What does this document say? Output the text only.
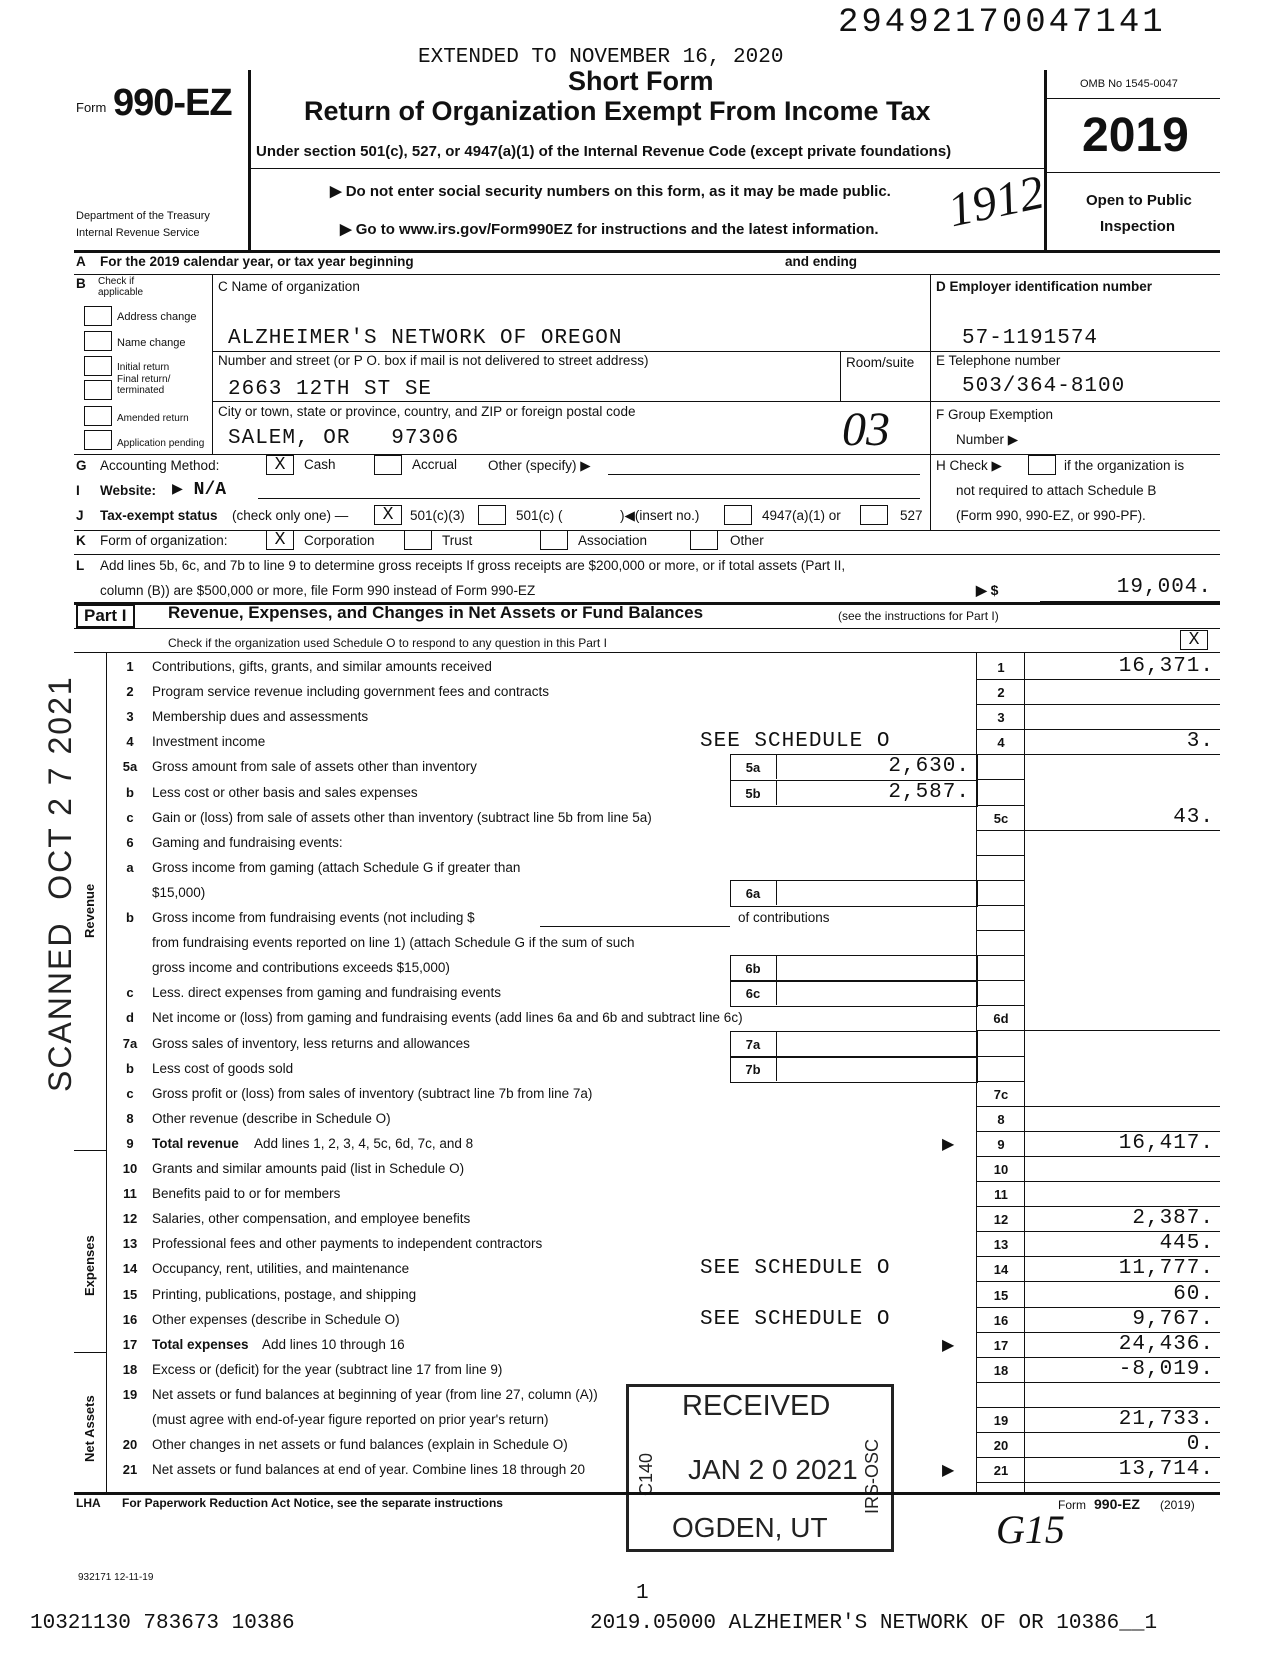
29492170047141
EXTENDED TO NOVEMBER 16, 2020
Form 990-EZ
Department of the Treasury
Internal Revenue Service
Short Form
Return of Organization Exempt From Income Tax
Under section 501(c), 527, or 4947(a)(1) of the Internal Revenue Code (except private foundations)
▶ Do not enter social security numbers on this form, as it may be made public.
▶ Go to www.irs.gov/Form990EZ for instructions and the latest information. 1912
OMB No 1545-0047
2019
Open to Public
Inspection
A For the 2019 calendar year, or tax year beginning	and ending
B Check if applicable
Address change
Name change
Initial return
Final return/ terminated
Amended return
Application pending
C Name of organization
ALZHEIMER'S NETWORK OF OREGON
Number and street (or P O. box if mail is not delivered to street address)	Room/suite
2663 12TH ST SE
City or town, state or province, country, and ZIP or foreign postal code
SALEM, OR   97306	03
D Employer identification number
57-1191574
E Telephone number
503/364-8100
F Group Exemption
Number ▶
H Check ▶	if the organization is
not required to attach Schedule B
(Form 990, 990-EZ, or 990-PF).
G Accounting Method:	X	Cash	Accrual Other (specify) ▶
I Website: ▶ N/A
J Tax-exempt status (check only one) —	X	501(c)(3)	501(c) (	)◀(insert no.)	4947(a)(1) or	527
K Form of organization:	X	Corporation	Trust	Association	Other
L Add lines 5b, 6c, and 7b to line 9 to determine gross receipts If gross receipts are $200,000 or more, or if total assets (Part II,
column (B)) are $500,000 or more, file Form 990 instead of Form 990-EZ	▶ $	19,004.
Part I	Revenue, Expenses, and Changes in Net Assets or Fund Balances	(see the instructions for Part I)
Check if the organization used Schedule O to respond to any question in this Part I	X
Revenue
Expenses
Net Assets
1	Contributions, gifts, grants, and similar amounts received	1	16,371.
2	Program service revenue including government fees and contracts	2
3	Membership dues and assessments	3
4	Investment income	SEE SCHEDULE O	4	3.
5a	Gross amount from sale of assets other than inventory	5a	2,630.
b	Less cost or other basis and sales expenses	5b	2,587.
c	Gain or (loss) from sale of assets other than inventory (subtract line 5b from line 5a)	5c	43.
6	Gaming and fundraising events:
a	Gross income from gaming (attach Schedule G if greater than
$15,000)	6a
b	Gross income from fundraising events (not including $	of contributions
from fundraising events reported on line 1) (attach Schedule G if the sum of such
gross income and contributions exceeds $15,000)	6b
c	Less. direct expenses from gaming and fundraising events	6c
d	Net income or (loss) from gaming and fundraising events (add lines 6a and 6b and subtract line 6c)	6d
7a	Gross sales of inventory, less returns and allowances	7a
b	Less cost of goods sold	7b
c	Gross profit or (loss) from sales of inventory (subtract line 7b from line 7a)	7c
8	Other revenue (describe in Schedule O)	8
9	Total revenue Add lines 1, 2, 3, 4, 5c, 6d, 7c, and 8	▶	9	16,417.
10	Grants and similar amounts paid (list in Schedule O)	10
11	Benefits paid to or for members	11
12	Salaries, other compensation, and employee benefits	12	2,387.
13	Professional fees and other payments to independent contractors	13	445.
14	Occupancy, rent, utilities, and maintenance	SEE SCHEDULE O	14	11,777.
15	Printing, publications, postage, and shipping	15	60.
16	Other expenses (describe in Schedule O)	SEE SCHEDULE O	16	9,767.
17	Total expenses Add lines 10 through 16	▶	17	24,436.
18	Excess or (deficit) for the year (subtract line 17 from line 9)	18	-8,019.
19	Net assets or fund balances at beginning of year (from line 27, column (A))
(must agree with end-of-year figure reported on prior year's return)	19	21,733.
20	Other changes in net assets or fund balances (explain in Schedule O)	20	0.
21	Net assets or fund balances at end of year. Combine lines 18 through 20	▶	21	13,714.
SCANNED  OCT 2 7 2021
RECEIVED
JAN 2 0 2021
OGDEN, UT
C140	IRS-OSC
LHA For Paperwork Reduction Act Notice, see the separate instructions	Form 990-EZ (2019)
G15
932171 12-11-19
1
10321130 783673 10386	2019.05000 ALZHEIMER'S NETWORK OF OR 10386__1
